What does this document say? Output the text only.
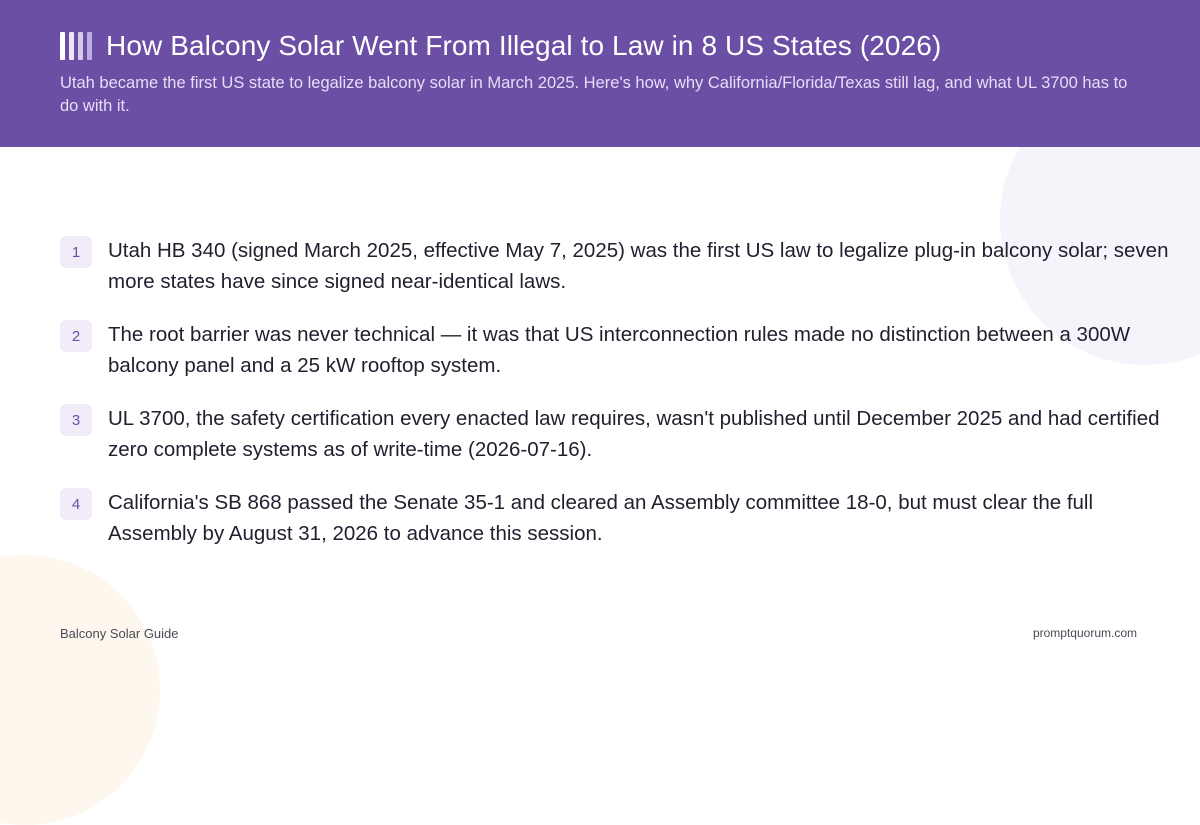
How Balcony Solar Went From Illegal to Law in 8 US States (2026)
Utah became the first US state to legalize balcony solar in March 2025. Here's how, why California/Florida/Texas still lag, and what UL 3700 has to do with it.
1	Utah HB 340 (signed March 2025, effective May 7, 2025) was the first US law to legalize plug-in balcony solar; seven more states have since signed near-identical laws.
2	The root barrier was never technical — it was that US interconnection rules made no distinction between a 300W balcony panel and a 25 kW rooftop system.
3	UL 3700, the safety certification every enacted law requires, wasn't published until December 2025 and had certified zero complete systems as of write-time (2026-07-16).
4	California's SB 868 passed the Senate 35-1 and cleared an Assembly committee 18-0, but must clear the full Assembly by August 31, 2026 to advance this session.
Balcony Solar Guide	promptquorum.com
